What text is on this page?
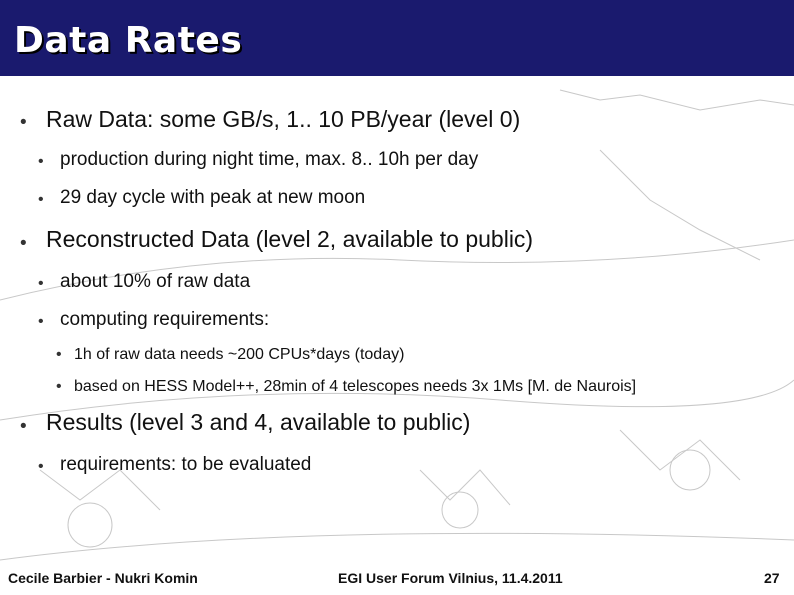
Data Rates
• Raw Data: some GB/s, 1.. 10 PB/year (level 0)
• production during night time, max. 8.. 10h per day
• 29 day cycle with peak at new moon
• Reconstructed Data (level 2, available to public)
• about 10% of raw data
• computing requirements:
• 1h of raw data needs ~200 CPUs*days (today)
• based on HESS Model++, 28min of 4 telescopes needs 3x 1Ms [M. de Naurois]
• Results (level 3 and 4, available to public)
• requirements: to be evaluated
Cecile Barbier - Nukri Komin	EGI User Forum Vilnius, 11.4.2011	27
